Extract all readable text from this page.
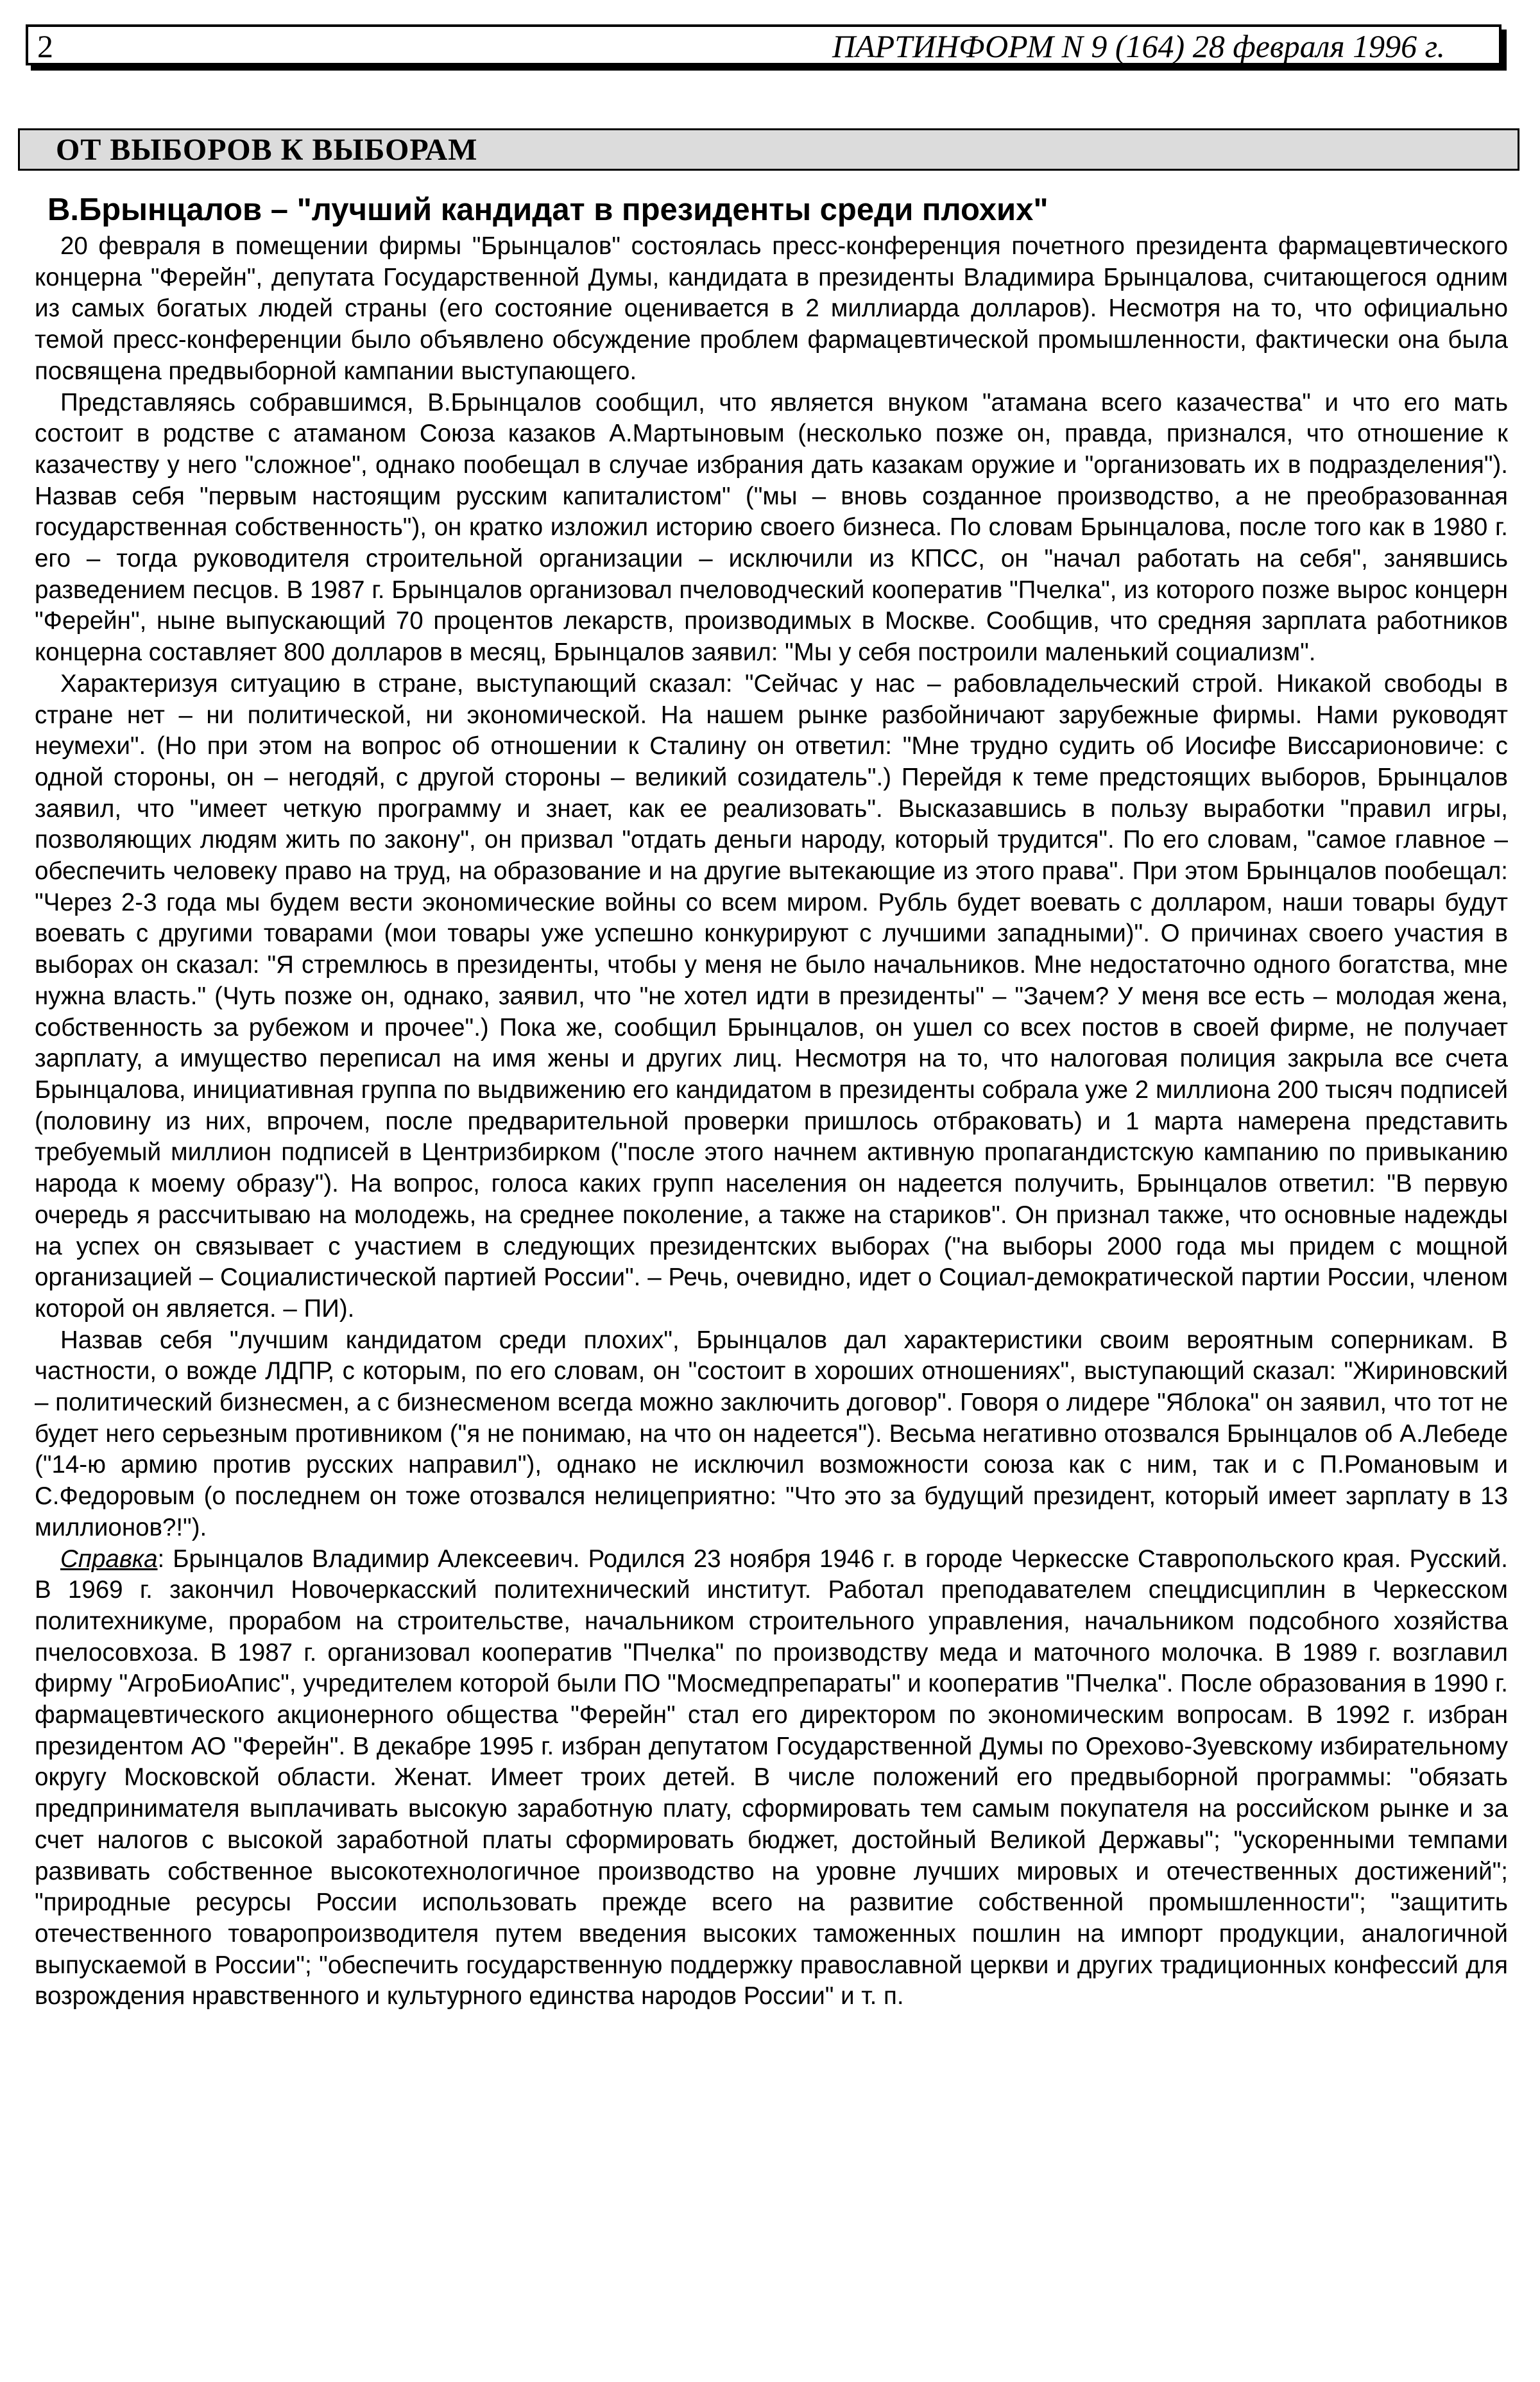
2	ПАРТИНФОРМ N 9 (164) 28 февраля 1996 г.
ОТ ВЫБОРОВ К ВЫБОРАМ
В.Брынцалов – "лучший кандидат в президенты среди плохих"

20 февраля в помещении фирмы "Брынцалов" состоялась пресс-конференция почетного президента фармацевтического концерна "Ферейн", депутата Государственной Думы, кандидата в президенты Владимира Брынцалова, считающегося одним из самых богатых людей страны (его состояние оценивается в 2 миллиарда долларов). Несмотря на то, что официально темой пресс-конференции было объявлено обсуждение проблем фармацевтической промышленности, фактически она была посвящена предвыборной кампании выступающего.

Представляясь собравшимся, В.Брынцалов сообщил, что является внуком "атамана всего казачества" и что его мать состоит в родстве с атаманом Союза казаков А.Мартыновым (несколько позже он, правда, признался, что отношение к казачеству у него "сложное", однако пообещал в случае избрания дать казакам оружие и "организовать их в подразделения"). Назвав себя "первым настоящим русским капиталистом" ("мы – вновь созданное производство, а не преобразованная государственная собственность"), он кратко изложил историю своего бизнеса. По словам Брынцалова, после того как в 1980 г. его – тогда руководителя строительной организации – исключили из КПСС, он "начал работать на себя", занявшись разведением песцов. В 1987 г. Брынцалов организовал пчеловодческий кооператив "Пчелка", из которого позже вырос концерн "Ферейн", ныне выпускающий 70 процентов лекарств, производимых в Москве. Сообщив, что средняя зарплата работников концерна составляет 800 долларов в месяц, Брынцалов заявил: "Мы у себя построили маленький социализм".

Характеризуя ситуацию в стране, выступающий сказал: "Сейчас у нас – рабовладельческий строй. Никакой свободы в стране нет – ни политической, ни экономической. На нашем рынке разбойничают зарубежные фирмы. Нами руководят неумехи". (Но при этом на вопрос об отношении к Сталину он ответил: "Мне трудно судить об Иосифе Виссарионовиче: с одной стороны, он – негодяй, с другой стороны – великий созидатель".) Перейдя к теме предстоящих выборов, Брынцалов заявил, что "имеет четкую программу и знает, как ее реализовать". Высказавшись в пользу выработки "правил игры, позволяющих людям жить по закону", он призвал "отдать деньги народу, который трудится". По его словам, "самое главное – обеспечить человеку право на труд, на образование и на другие вытекающие из этого права". При этом Брынцалов пообещал: "Через 2-3 года мы будем вести экономические войны со всем миром. Рубль будет воевать с долларом, наши товары будут воевать с другими товарами (мои товары уже успешно конкурируют с лучшими западными)". О причинах своего участия в выборах он сказал: "Я стремлюсь в президенты, чтобы у меня не было начальников. Мне недостаточно одного богатства, мне нужна власть." (Чуть позже он, однако, заявил, что "не хотел идти в президенты" – "Зачем? У меня все есть – молодая жена, собственность за рубежом и прочее".) Пока же, сообщил Брынцалов, он ушел со всех постов в своей фирме, не получает зарплату, а имущество переписал на имя жены и других лиц. Несмотря на то, что налоговая полиция закрыла все счета Брынцалова, инициативная группа по выдвижению его кандидатом в президенты собрала уже 2 миллиона 200 тысяч подписей (половину из них, впрочем, после предварительной проверки пришлось отбраковать) и 1 марта намерена представить требуемый миллион подписей в Центризбирком ("после этого начнем активную пропагандистскую кампанию по привыканию народа к моему образу"). На вопрос, голоса каких групп населения он надеется получить, Брынцалов ответил: "В первую очередь я рассчитываю на молодежь, на среднее поколение, а также на стариков". Он признал также, что основные надежды на успех он связывает с участием в следующих президентских выборах ("на выборы 2000 года мы придем с мощной организацией – Социалистической партией России". – Речь, очевидно, идет о Социал-демократической партии России, членом которой он является. – ПИ).

Назвав себя "лучшим кандидатом среди плохих", Брынцалов дал характеристики своим вероятным соперникам. В частности, о вожде ЛДПР, с которым, по его словам, он "состоит в хороших отношениях", выступающий сказал: "Жириновский – политический бизнесмен, а с бизнесменом всегда можно заключить договор". Говоря о лидере "Яблока" он заявил, что тот не будет него серьезным противником ("я не понимаю, на что он надеется"). Весьма негативно отозвался Брынцалов об А.Лебеде ("14-ю армию против русских направил"), однако не исключил возможности союза как с ним, так и с П.Романовым и С.Федоровым (о последнем он тоже отозвался нелицеприятно: "Что это за будущий президент, который имеет зарплату в 13 миллионов?!").

Справка: Брынцалов Владимир Алексеевич. Родился 23 ноября 1946 г. в городе Черкесске Ставропольского края. Русский. В 1969 г. закончил Новочеркасский политехнический институт. Работал преподавателем спецдисциплин в Черкесском политехникуме, прорабом на строительстве, начальником строительного управления, начальником подсобного хозяйства пчелосовхоза. В 1987 г. организовал кооператив "Пчелка" по производству меда и маточного молочка. В 1989 г. возглавил фирму "АгроБиоАпис", учредителем которой были ПО "Мосмедпрепараты" и кооператив "Пчелка". После образования в 1990 г. фармацевтического акционерного общества "Ферейн" стал его директором по экономическим вопросам. В 1992 г. избран президентом АО "Ферейн". В декабре 1995 г. избран депутатом Государственной Думы по Орехово-Зуевскому избирательному округу Московской области. Женат. Имеет троих детей. В числе положений его предвыборной программы: "обязать предпринимателя выплачивать высокую заработную плату, сформировать тем самым покупателя на российском рынке и за счет налогов с высокой заработной платы сформировать бюджет, достойный Великой Державы"; "ускоренными темпами развивать собственное высокотехнологичное производство на уровне лучших мировых и отечественных достижений"; "природные ресурсы России использовать прежде всего на развитие собственной промышленности"; "защитить отечественного товаропроизводителя путем введения высоких таможенных пошлин на импорт продукции, аналогичной выпускаемой в России"; "обеспечить государственную поддержку православной церкви и других традиционных конфессий для возрождения нравственного и культурного единства народов России" и т. п.
